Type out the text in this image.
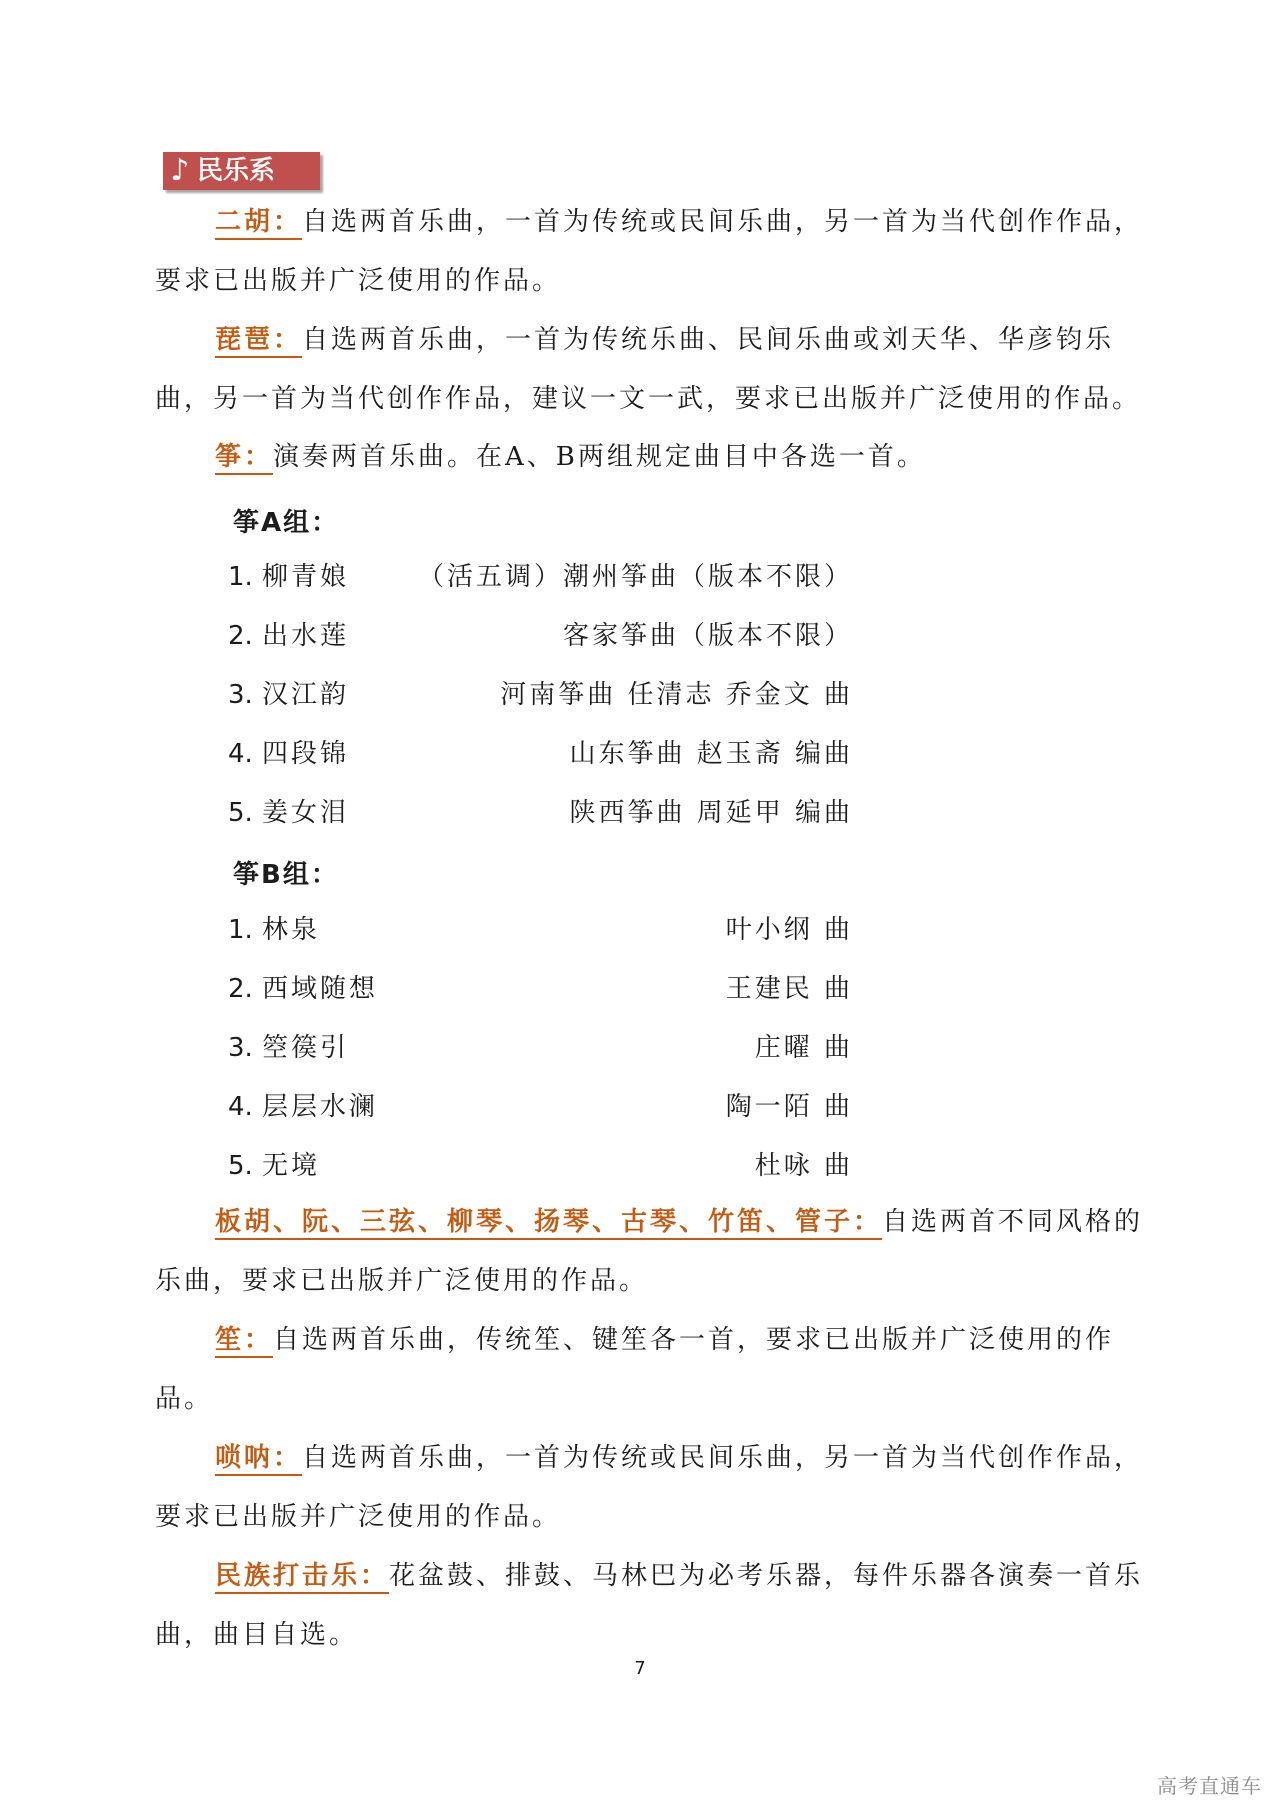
♪ 民乐系

二胡：自选两首乐曲，一首为传统或民间乐曲，另一首为当代创作作品，要求已出版并广泛使用的作品。

琵琶：自选两首乐曲，一首为传统乐曲、民间乐曲或刘天华、华彦钧乐曲，另一首为当代创作作品，建议一文一武，要求已出版并广泛使用的作品。

筝：演奏两首乐曲。在A、B两组规定曲目中各选一首。

筝A组：
1. 柳青娘	（活五调）潮州筝曲（版本不限）
2. 出水莲	客家筝曲（版本不限）
3. 汉江韵	河南筝曲 任清志 乔金文 曲
4. 四段锦	山东筝曲 赵玉斋 编曲
5. 姜女泪	陕西筝曲 周延甲 编曲
筝B组：
1. 林泉	叶小纲 曲
2. 西域随想	王建民 曲
3. 箜篌引	庄曜 曲
4. 层层水澜	陶一陌 曲
5. 无境	杜咏 曲

板胡、阮、三弦、柳琴、扬琴、古琴、竹笛、管子：自选两首不同风格的乐曲，要求已出版并广泛使用的作品。

笙：自选两首乐曲，传统笙、键笙各一首，要求已出版并广泛使用的作品。

唢呐：自选两首乐曲，一首为传统或民间乐曲，另一首为当代创作作品，要求已出版并广泛使用的作品。

民族打击乐：花盆鼓、排鼓、马林巴为必考乐器，每件乐器各演奏一首乐曲，曲目自选。

7
高考直通车
